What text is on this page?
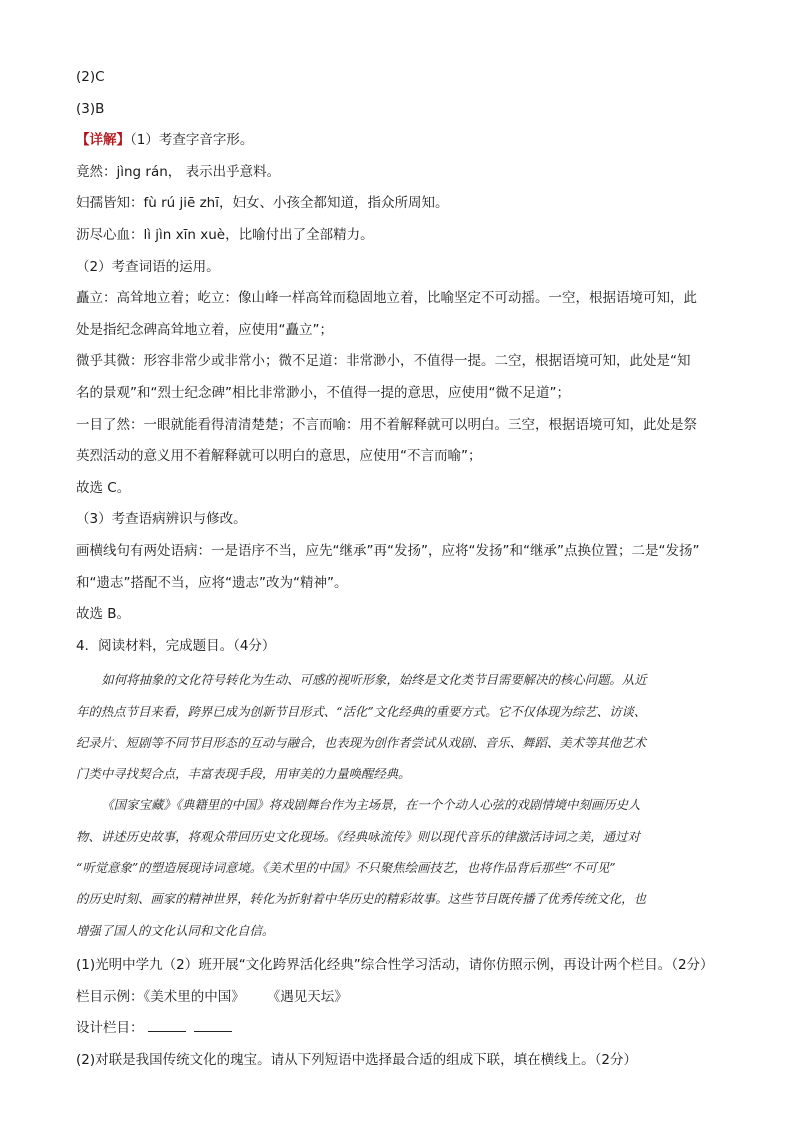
(2)C

(3)B

【详解】（1）考查字音字形。

竟然：jìng rán， 表示出乎意料。

妇孺皆知：fù rú jiē zhī，妇女、小孩全都知道，指众所周知。

沥尽心血：lì jìn xīn xuè，比喻付出了全部精力。

（2）考查词语的运用。

矗立：高耸地立着；屹立：像山峰一样高耸而稳固地立着，比喻坚定不可动摇。一空，根据语境可知，此

处是指纪念碑高耸地立着，应使用“矗立”；

微乎其微：形容非常少或非常小；微不足道：非常渺小，不值得一提。二空，根据语境可知，此处是“知

名的景观”和“烈士纪念碑”相比非常渺小，不值得一提的意思，应使用“微不足道”；

一目了然：一眼就能看得清清楚楚；不言而喻：用不着解释就可以明白。三空，根据语境可知，此处是祭

英烈活动的意义用不着解释就可以明白的意思，应使用“不言而喻”；

故选 C。

（3）考查语病辨识与修改。

画横线句有两处语病：一是语序不当，应先“继承”再“发扬”，应将“发扬”和“继承”点换位置；二是“发扬”

和“遗志”搭配不当，应将“遗志”改为“精神”。

故选 B。

4．阅读材料，完成题目。（4分）

如何将抽象的文化符号转化为生动、可感的视听形象，始终是文化类节目需要解决的核心问题。从近

年的热点节目来看，跨界已成为创新节目形式、“活化”文化经典的重要方式。它不仅体现为综艺、访谈、

纪录片、短剧等不同节目形态的互动与融合，也表现为创作者尝试从戏剧、音乐、舞蹈、美术等其他艺术

门类中寻找契合点，丰富表现手段，用审美的力量唤醒经典。

《国家宝藏》《典籍里的中国》将戏剧舞台作为主场景，在一个个动人心弦的戏剧情境中刻画历史人

物、讲述历史故事，将观众带回历史文化现场。《经典咏流传》则以现代音乐的律激活诗词之美，通过对

“听觉意象”的塑造展现诗词意境。《美术里的中国》不只聚焦绘画技艺，也将作品背后那些“不可见”

的历史时刻、画家的精神世界，转化为折射着中华历史的精彩故事。这些节目既传播了优秀传统文化，也

增强了国人的文化认同和文化自信。

(1)光明中学九（2）班开展“文化跨界活化经典”综合性学习活动，请你仿照示例，再设计两个栏目。（2分）

栏目示例：《美术里的中国》 《遇见天坛》

设计栏目：

(2)对联是我国传统文化的瑰宝。请从下列短语中选择最合适的组成下联，填在横线上。（2分）
